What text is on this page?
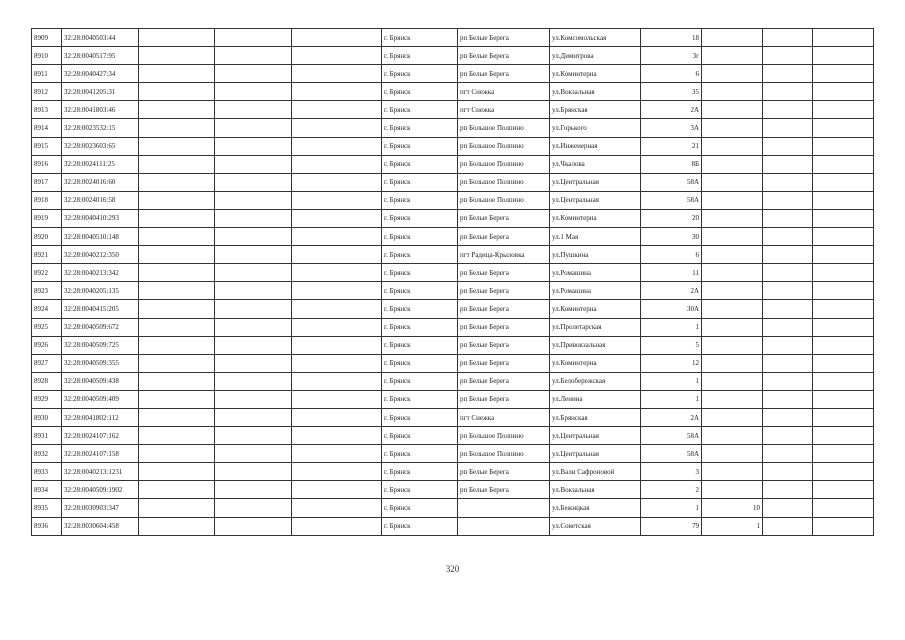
8909	32:28:0040503:44				г. Брянск	рп Белые Берега	ул.Комсомольская	18			
8910	32:28:0040517:95				г. Брянск	рп Белые Берега	ул.Димитрова	3г			
8911	32:28:0040427:34				г. Брянск	рп Белые Берега	ул.Коминтерна	6			
8912	32:28:0041205:31				г. Брянск	пгт Снежка	ул.Вокзальная	35			
8913	32:28:0041803:46				г. Брянск	пгт Снежка	ул.Брянская	2А			
8914	32:28:0023532:15				г. Брянск	рп Большое Полпино	ул.Горького	3А			
8915	32:28:0023603:65				г. Брянск	рп Большое Полпино	ул.Инженерная	21			
8916	32:28:0024111:25				г. Брянск	рп Большое Полпино	ул.Чкалова	8Б			
8917	32:28:0024016:60				г. Брянск	рп Большое Полпино	ул.Центральная	58А			
8918	32:28:0024016:58				г. Брянск	рп Большое Полпино	ул.Центральная	58А			
8919	32:28:0040410:293				г. Брянск	рп Белые Берега	ул.Коминтерна	20			
8920	32:28:0040510:148				г. Брянск	рп Белые Берега	ул.1 Мая	30			
8921	32:28:0040212:350				г. Брянск	пгт Радица-Крыловка	ул.Пушкина	6			
8922	32:28:0040213:342				г. Брянск	рп Белые Берега	ул.Ромашина	11			
8923	32:28:0040205:135				г. Брянск	рп Белые Берега	ул.Ромашина	2А			
8924	32:28:0040415:205				г. Брянск	рп Белые Берега	ул.Коминтерна	30А			
8925	32:28:0040509:672				г. Брянск	рп Белые Берега	ул.Пролетарская	1			
8926	32:28:0040509:725				г. Брянск	рп Белые Берега	ул.Привокзальная	5			
8927	32:28:0040509:355				г. Брянск	рп Белые Берега	ул.Коминтерна	12			
8928	32:28:0040509:438				г. Брянск	рп Белые Берега	ул.Белобережская	1			
8929	32:28:0040509:409				г. Брянск	рп Белые Берега	ул.Ленина	1			
8930	32:28:0041802:112				г. Брянск	пгт Снежка	ул.Брянская	2А			
8931	32:28:0024107:162				г. Брянск	рп Большое Полпино	ул.Центральная	58А			
8932	32:28:0024107:158				г. Брянск	рп Большое Полпино	ул.Центральная	58А			
8933	32:28:0040213:1231				г. Брянск	рп Белые Берега	ул.Вали Сафроновой	3			
8934	32:28:0040509:1902				г. Брянск	рп Белые Берега	ул.Вокзальная	2			
8935	32:28:0030903:347				г. Брянск		ул.Бежицкая	1	10		
8936	32:28:0030604:458				г. Брянск		ул.Советская	79	1		
320
